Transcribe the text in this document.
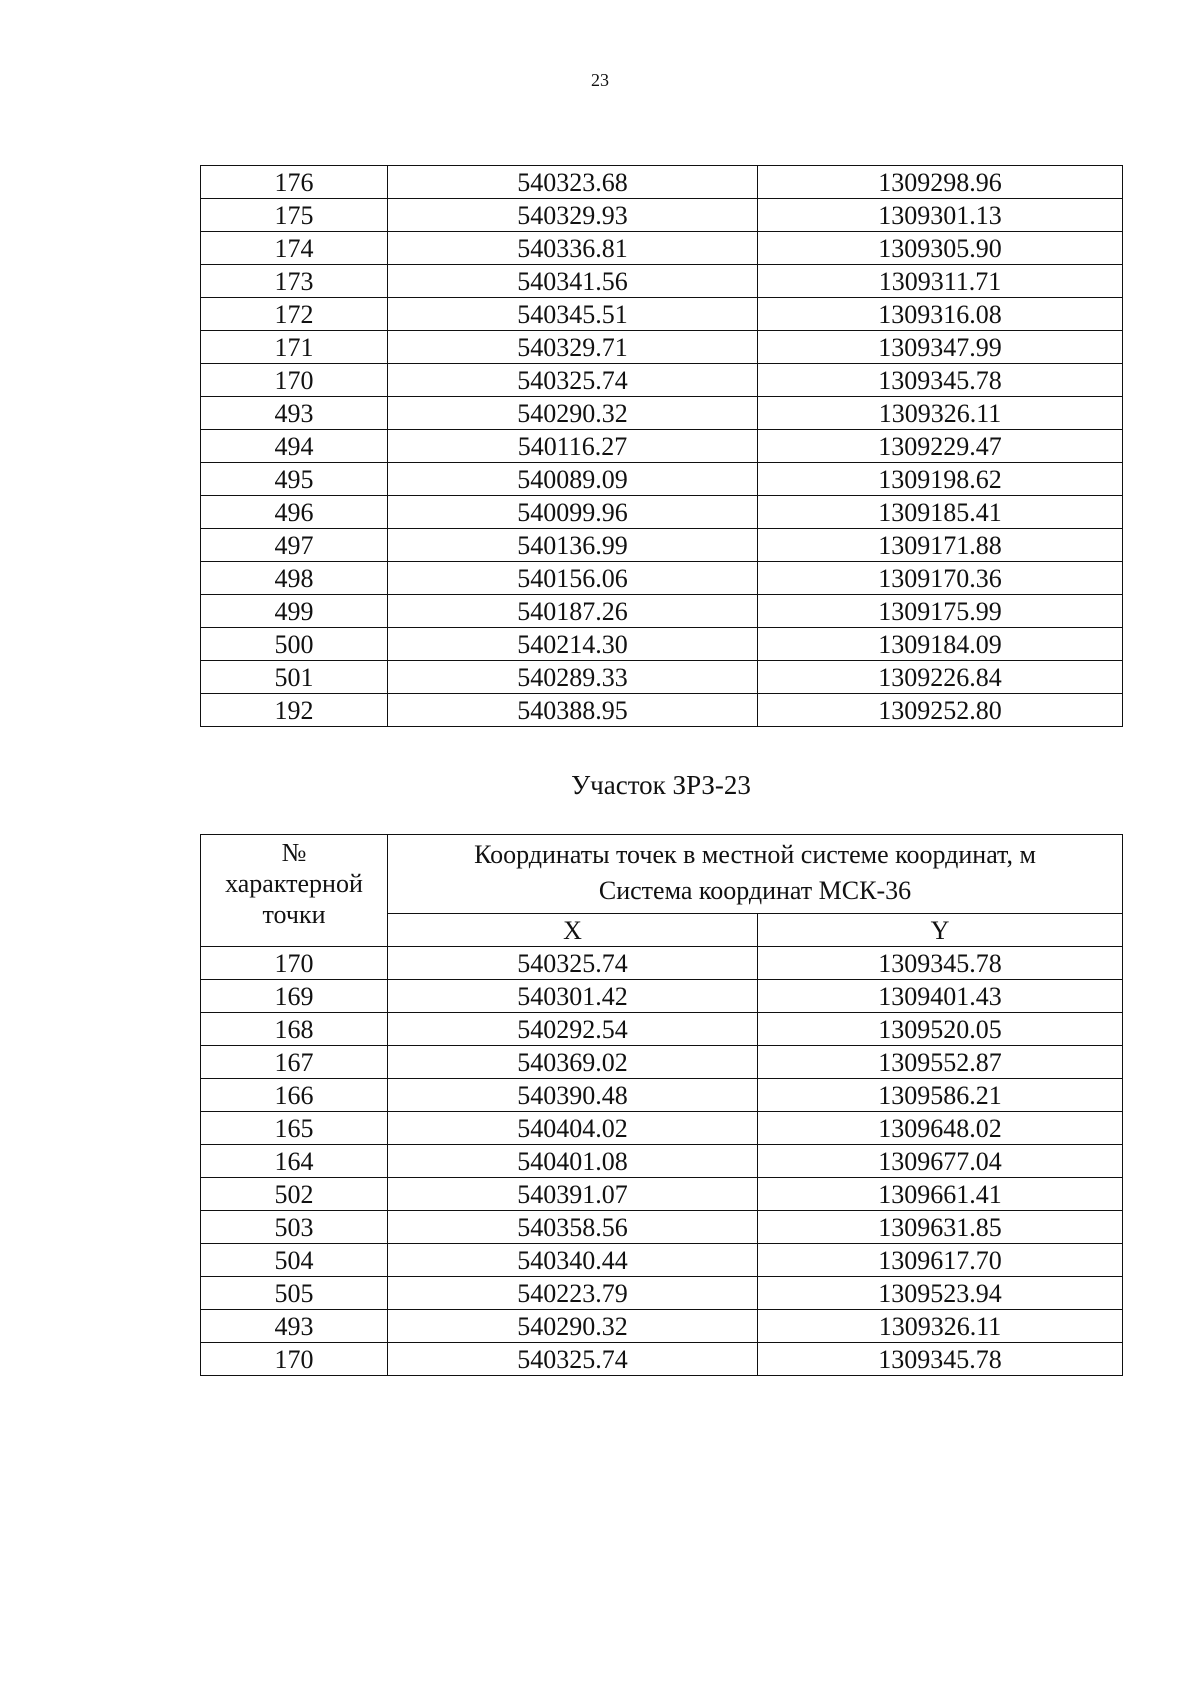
23
176	540323.68	1309298.96
175	540329.93	1309301.13
174	540336.81	1309305.90
173	540341.56	1309311.71
172	540345.51	1309316.08
171	540329.71	1309347.99
170	540325.74	1309345.78
493	540290.32	1309326.11
494	540116.27	1309229.47
495	540089.09	1309198.62
496	540099.96	1309185.41
497	540136.99	1309171.88
498	540156.06	1309170.36
499	540187.26	1309175.99
500	540214.30	1309184.09
501	540289.33	1309226.84
192	540388.95	1309252.80
Участок ЗРЗ-23
№
характерной
точки	Координаты точек в местной системе координат, м
Система координат МСК-36	

	X	Y
170	540325.74	1309345.78
169	540301.42	1309401.43
168	540292.54	1309520.05
167	540369.02	1309552.87
166	540390.48	1309586.21
165	540404.02	1309648.02
164	540401.08	1309677.04
502	540391.07	1309661.41
503	540358.56	1309631.85
504	540340.44	1309617.70
505	540223.79	1309523.94
493	540290.32	1309326.11
170	540325.74	1309345.78
